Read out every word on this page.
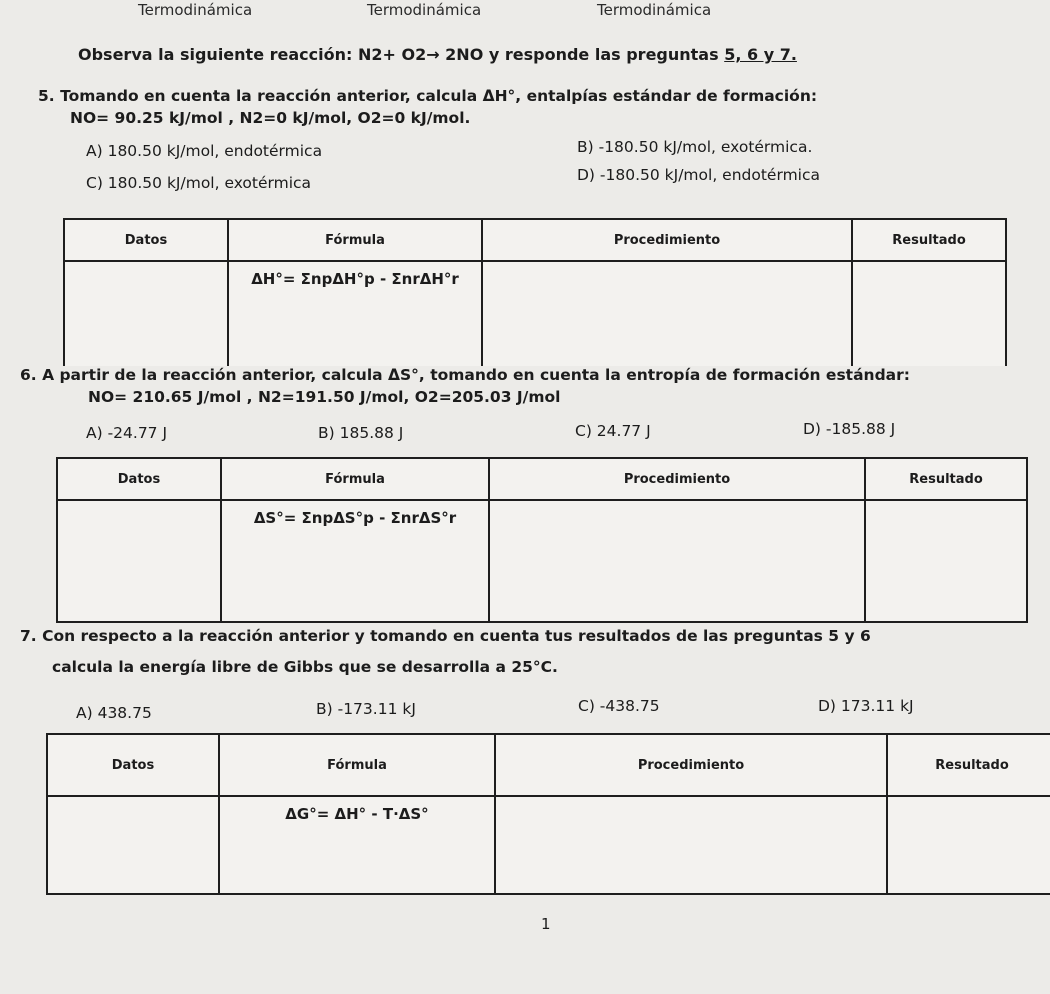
Termodinámica	Termodinámica	Termodinámica
Observa la siguiente reacción: N2+ O2→ 2NO y responde las preguntas 5, 6 y 7.
5. Tomando en cuenta la reacción anterior, calcula ΔH°, entalpías estándar de formación:
NO= 90.25 kJ/mol , N2=0 kJ/mol, O2=0 kJ/mol.
A) 180.50 kJ/mol, endotérmica	B) -180.50 kJ/mol, exotérmica.
C) 180.50 kJ/mol, exotérmica	D) -180.50 kJ/mol, endotérmica
Datos	Fórmula	Procedimiento	Resultado
	ΔH°= ΣnpΔH°p - ΣnrΔH°r		
6. A partir de la reacción anterior, calcula ΔS°, tomando en cuenta la entropía de formación estándar:
NO= 210.65 J/mol , N2=191.50 J/mol, O2=205.03 J/mol
A) -24.77 J	B) 185.88 J	C) 24.77 J	D) -185.88 J
Datos	Fórmula	Procedimiento	Resultado
	ΔS°= ΣnpΔS°p - ΣnrΔS°r		
7. Con respecto a la reacción anterior y tomando en cuenta tus resultados de las preguntas 5 y 6
calcula la energía libre de Gibbs que se desarrolla a 25°C.
A) 438.75	B) -173.11 kJ	C) -438.75	D) 173.11 kJ
Datos	Fórmula	Procedimiento	Resultado
	ΔG°= ΔH° - T·ΔS°		
1
